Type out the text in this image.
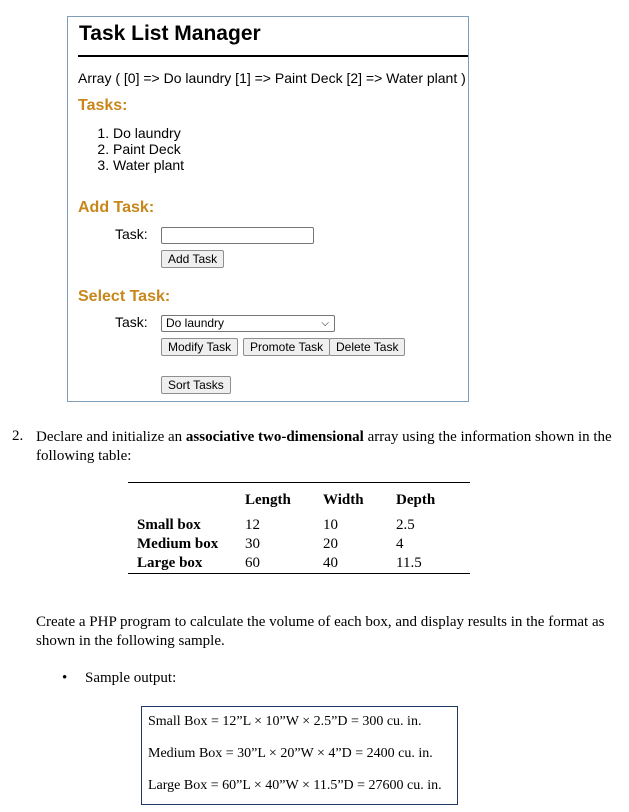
Task List Manager
Array ( [0] => Do laundry [1] => Paint Deck [2] => Water plant )
Tasks:
1. Do laundry
2. Paint Deck
3. Water plant
Add Task:
Task:
Add Task
Select Task:
Task:	Do laundry	⌵
Modify Task	Promote Task	Delete Task
Sort Tasks
2. Declare and initialize an associative two-dimensional array using the information shown in the following table:
	Length	Width	Depth
Small box	12	10	2.5
Medium box	30	20	4
Large box	60	40	11.5
Create a PHP program to calculate the volume of each box, and display results in the format as shown in the following sample.
• Sample output:
Small Box = 12”L × 10”W × 2.5”D = 300 cu. in.
Medium Box = 30”L × 20”W × 4”D = 2400 cu. in.
Large Box = 60”L × 40”W × 11.5”D = 27600 cu. in.
